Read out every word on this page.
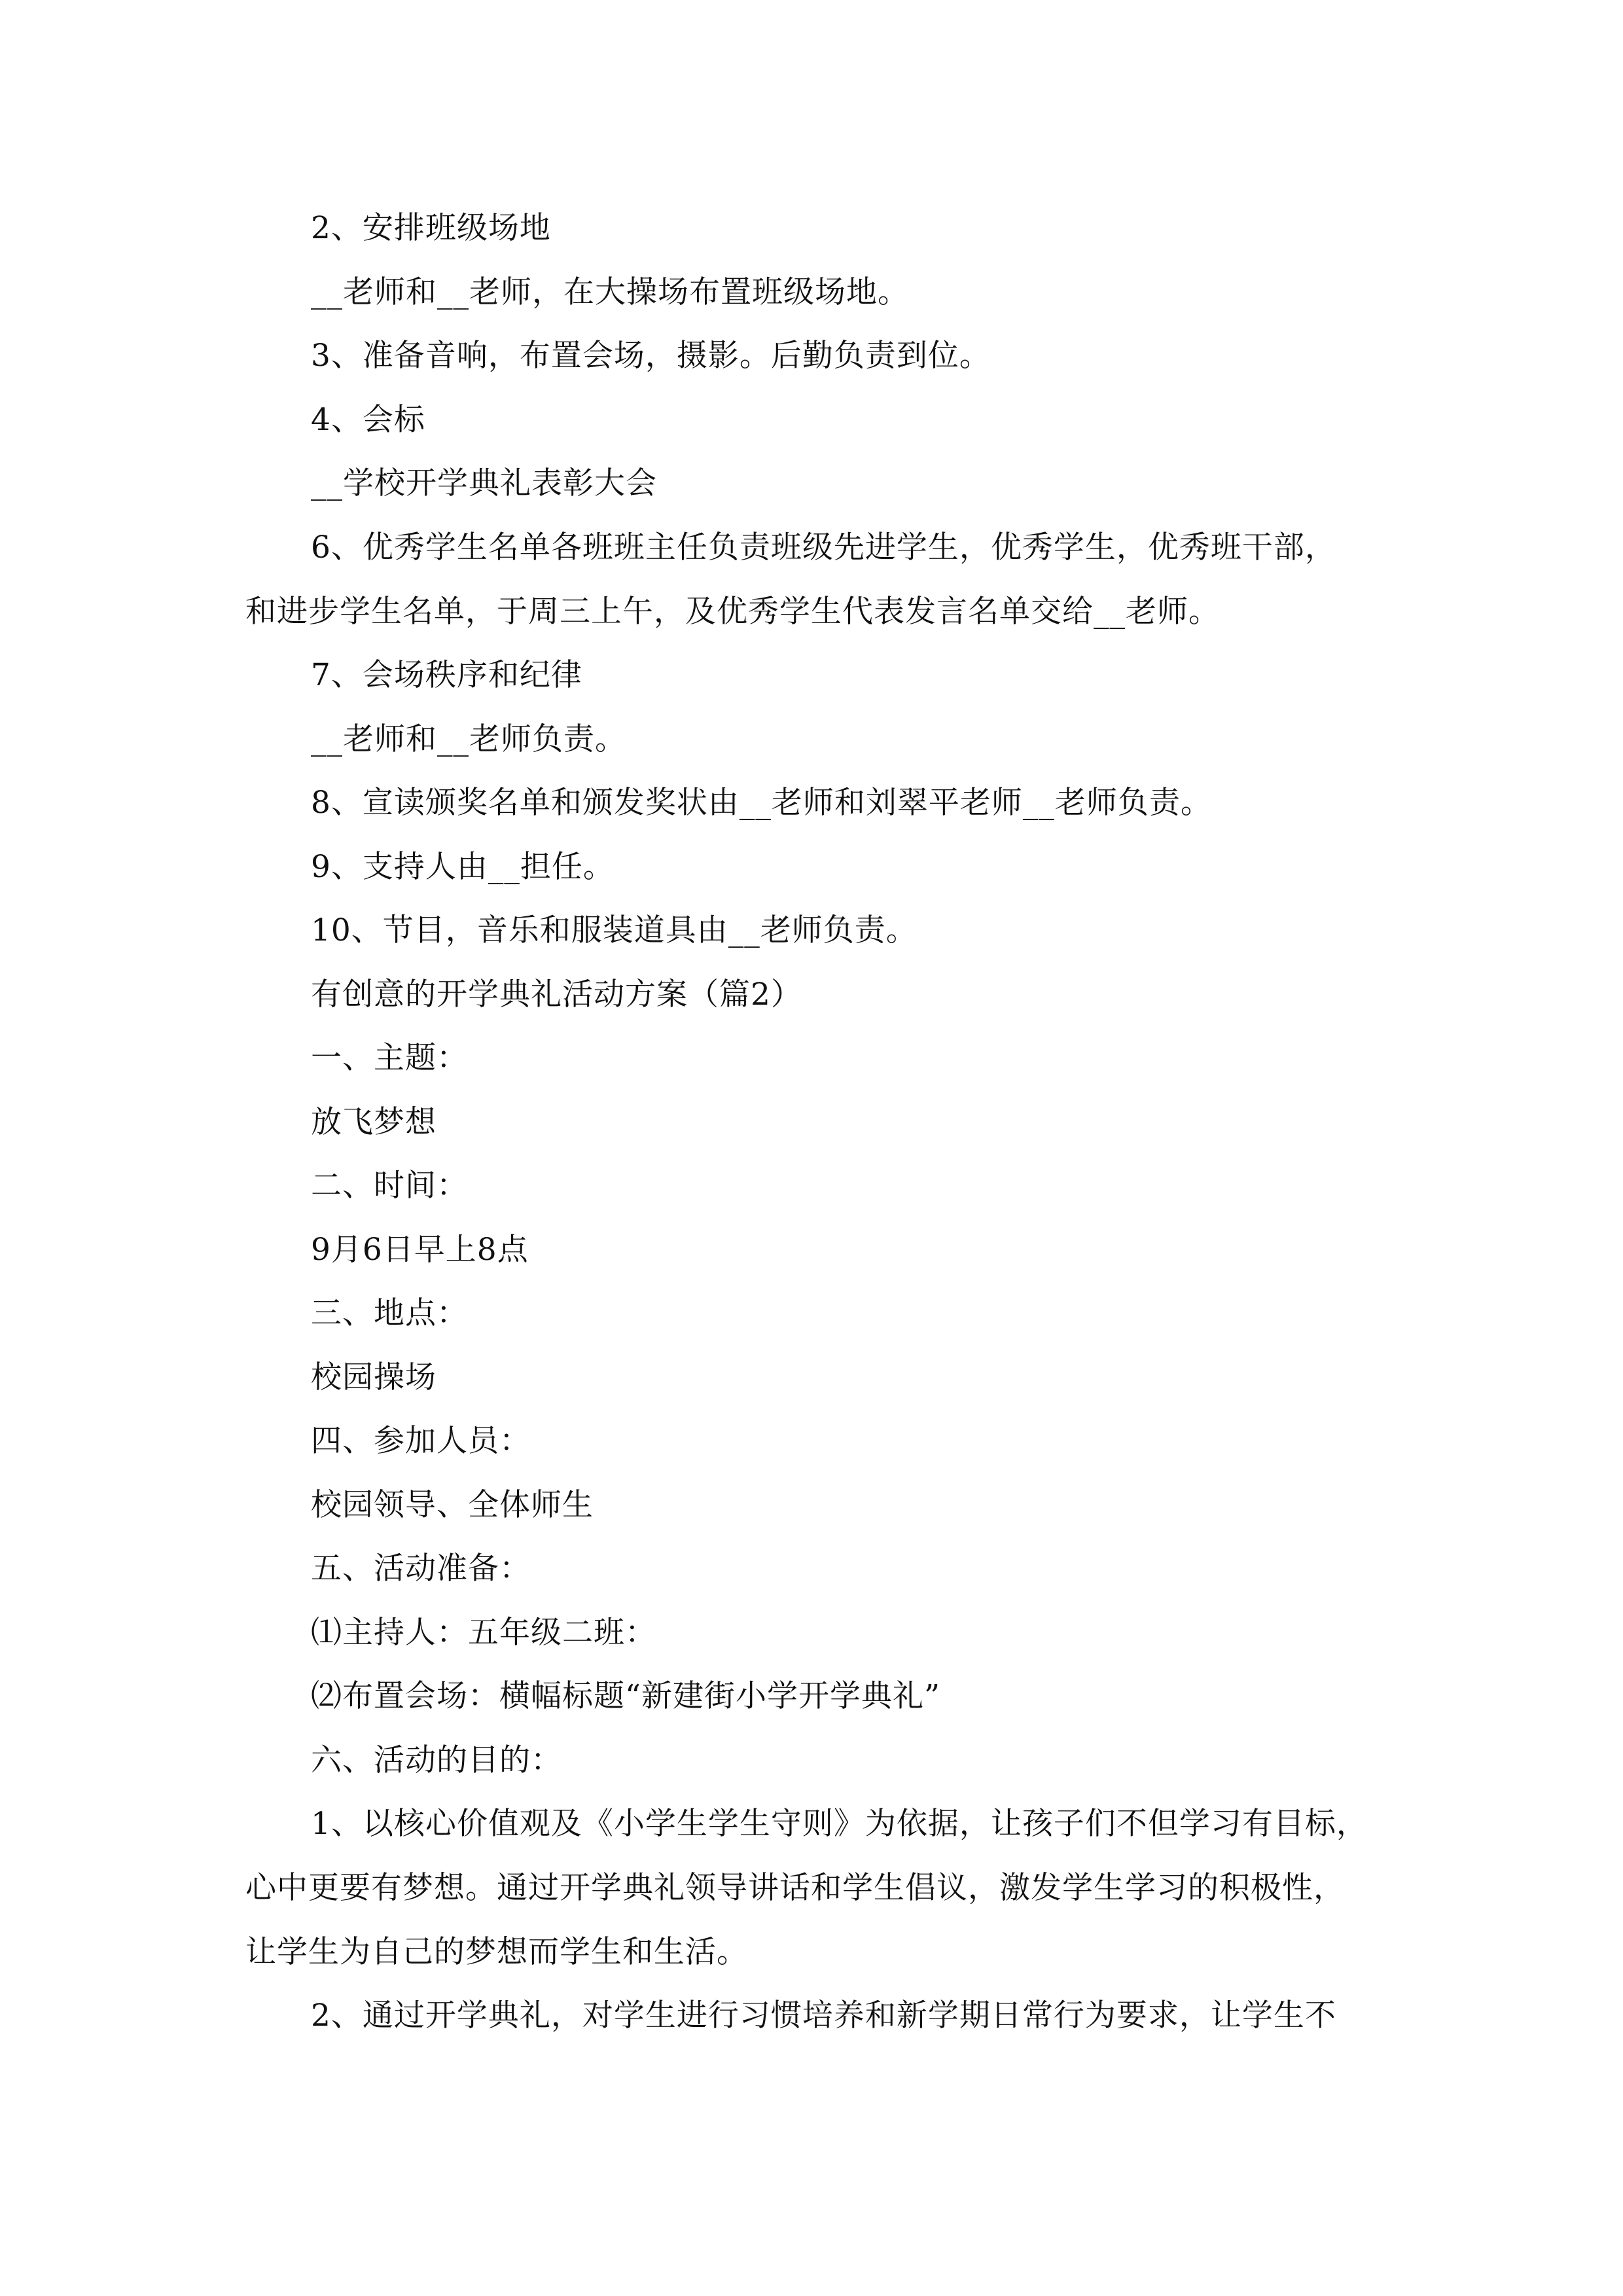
2、安排班级场地

__老师和__老师，在大操场布置班级场地。

3、准备音响，布置会场，摄影。后勤负责到位。

4、会标

__学校开学典礼表彰大会

6、优秀学生名单各班班主任负责班级先进学生，优秀学生，优秀班干部，
和进步学生名单，于周三上午，及优秀学生代表发言名单交给__老师。

7、会场秩序和纪律

__老师和__老师负责。

8、宣读颁奖名单和颁发奖状由__老师和刘翠平老师__老师负责。

9、支持人由__担任。

10、节目，音乐和服装道具由__老师负责。

有创意的开学典礼活动方案（篇2）

一、主题：

放飞梦想

二、时间：

9月6日早上8点

三、地点：

校园操场

四、参加人员：

校园领导、全体师生

五、活动准备：

⑴主持人：五年级二班：

⑵布置会场：横幅标题“新建街小学开学典礼”

六、活动的目的：

1、以核心价值观及《小学生学生守则》为依据，让孩子们不但学习有目标，
心中更要有梦想。通过开学典礼领导讲话和学生倡议，激发学生学习的积极性，
让学生为自己的梦想而学生和生活。

2、通过开学典礼，对学生进行习惯培养和新学期日常行为要求，让学生不
